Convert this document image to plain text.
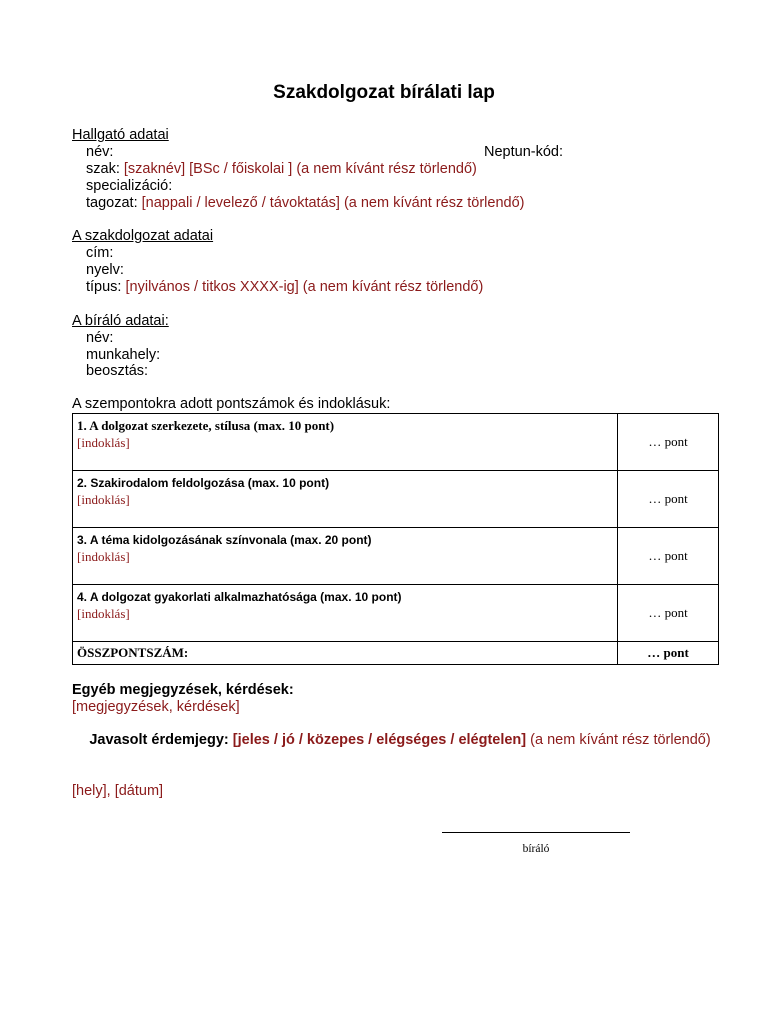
Szakdolgozat bírálati lap
Hallgató adatai
név:	Neptun-kód:
szak: [szaknév] [BSc / főiskolai ] (a nem kívánt rész törlendő)
specializáció:
tagozat: [nappali / levelező / távoktatás] (a nem kívánt rész törlendő)
A szakdolgozat adatai
cím:
nyelv:
típus: [nyilvános / titkos XXXX-ig] (a nem kívánt rész törlendő)
A bíráló adatai:
név:
munkahely:
beosztás:
A szempontokra adott pontszámok és indoklásuk:
1. A dolgozat szerkezete, stílusa (max. 10 pont)
[indoklás]	… pont

2. Szakirodalom feldolgozása (max. 10 pont)
[indoklás]	… pont

3. A téma kidolgozásának színvonala (max. 20 pont)
[indoklás]	… pont

4. A dolgozat gyakorlati alkalmazhatósága (max. 10 pont)
[indoklás]	… pont

ÖSSZPONTSZÁM:	… pont
Egyéb megjegyzések, kérdések:
[megjegyzések, kérdések]
Javasolt érdemjegy: [jeles / jó / közepes / elégséges / elégtelen] (a nem kívánt rész törlendő)
[hely], [dátum]
bíráló
